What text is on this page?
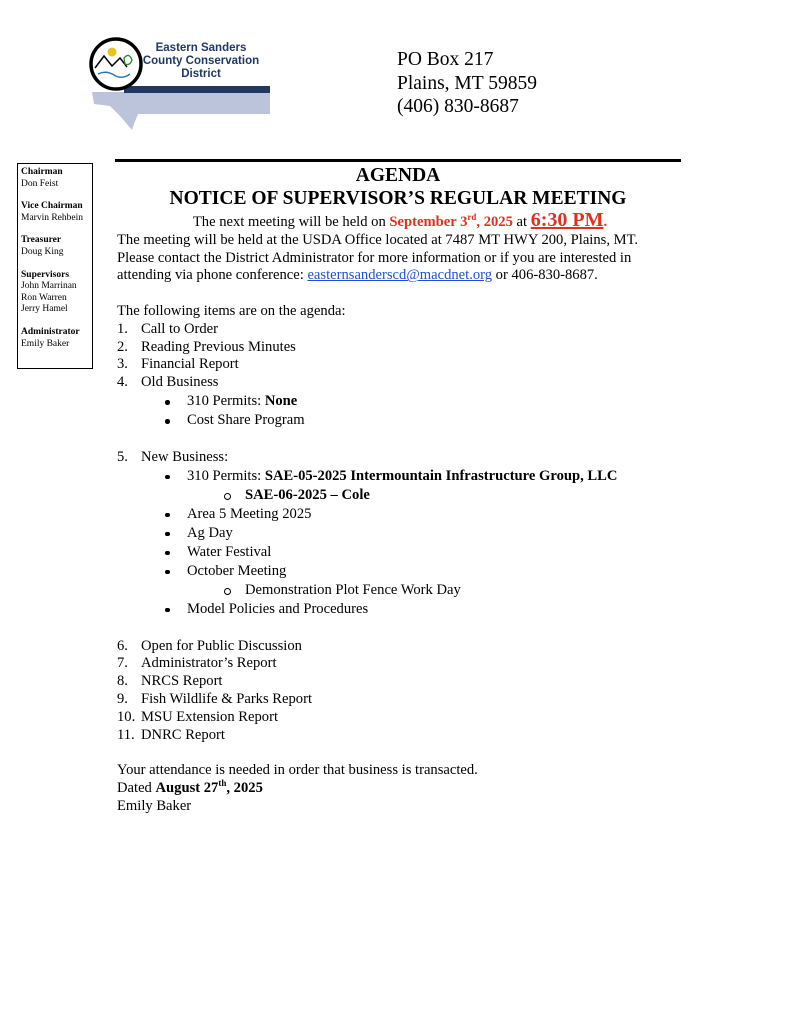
Eastern Sanders
County Conservation
District
PO Box 217
Plains, MT 59859
(406) 830-8687
Chairman
Don Feist
Vice Chairman
Marvin Rehbein
Treasurer
Doug King
Supervisors
John Marrinan
Ron Warren
Jerry Hamel
Administrator
Emily Baker
AGENDA
NOTICE OF SUPERVISOR’S REGULAR MEETING
The next meeting will be held on September 3rd, 2025 at 6:30 PM.
The meeting will be held at the USDA Office located at 7487 MT HWY 200, Plains, MT.
Please contact the District Administrator for more information or if you are interested in
attending via phone conference: easternsanderscd@macdnet.org or 406-830-8687.
The following items are on the agenda:
1. Call to Order
2. Reading Previous Minutes
3. Financial Report
4. Old Business
310 Permits: None
Cost Share Program
5. New Business:
310 Permits: SAE-05-2025 Intermountain Infrastructure Group, LLC
SAE-06-2025 – Cole
Area 5 Meeting 2025
Ag Day
Water Festival
October Meeting
Demonstration Plot Fence Work Day
Model Policies and Procedures
6. Open for Public Discussion
7. Administrator’s Report
8. NRCS Report
9. Fish Wildlife & Parks Report
10. MSU Extension Report
11. DNRC Report
Your attendance is needed in order that business is transacted.
Dated August 27th, 2025
Emily Baker
